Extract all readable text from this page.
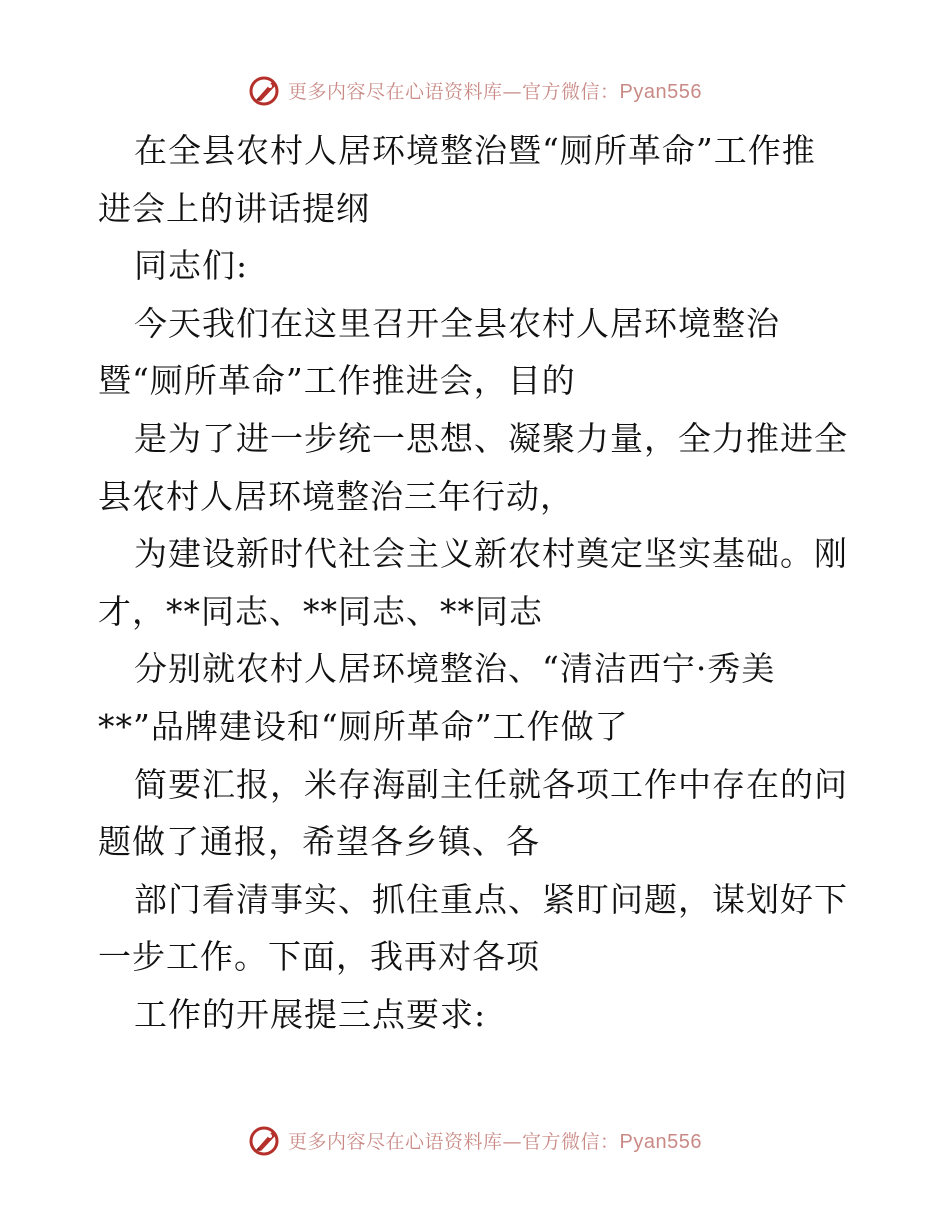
更多内容尽在心语资料库—官方微信：Pyan556
在全县农村人居环境整治暨“厕所革命”工作推
进会上的讲话提纲
同志们:
今天我们在这里召开全县农村人居环境整治
暨“厕所革命”工作推进会，目的
是为了进一步统一思想、凝聚力量，全力推进全
县农村人居环境整治三年行动，
为建设新时代社会主义新农村奠定坚实基础。刚
才，**同志、**同志、**同志
分别就农村人居环境整治、“清洁西宁·秀美
**”品牌建设和“厕所革命”工作做了
简要汇报，米存海副主任就各项工作中存在的问
题做了通报，希望各乡镇、各
部门看清事实、抓住重点、紧盯问题，谋划好下
一步工作。下面，我再对各项
工作的开展提三点要求:
更多内容尽在心语资料库—官方微信：Pyan556
